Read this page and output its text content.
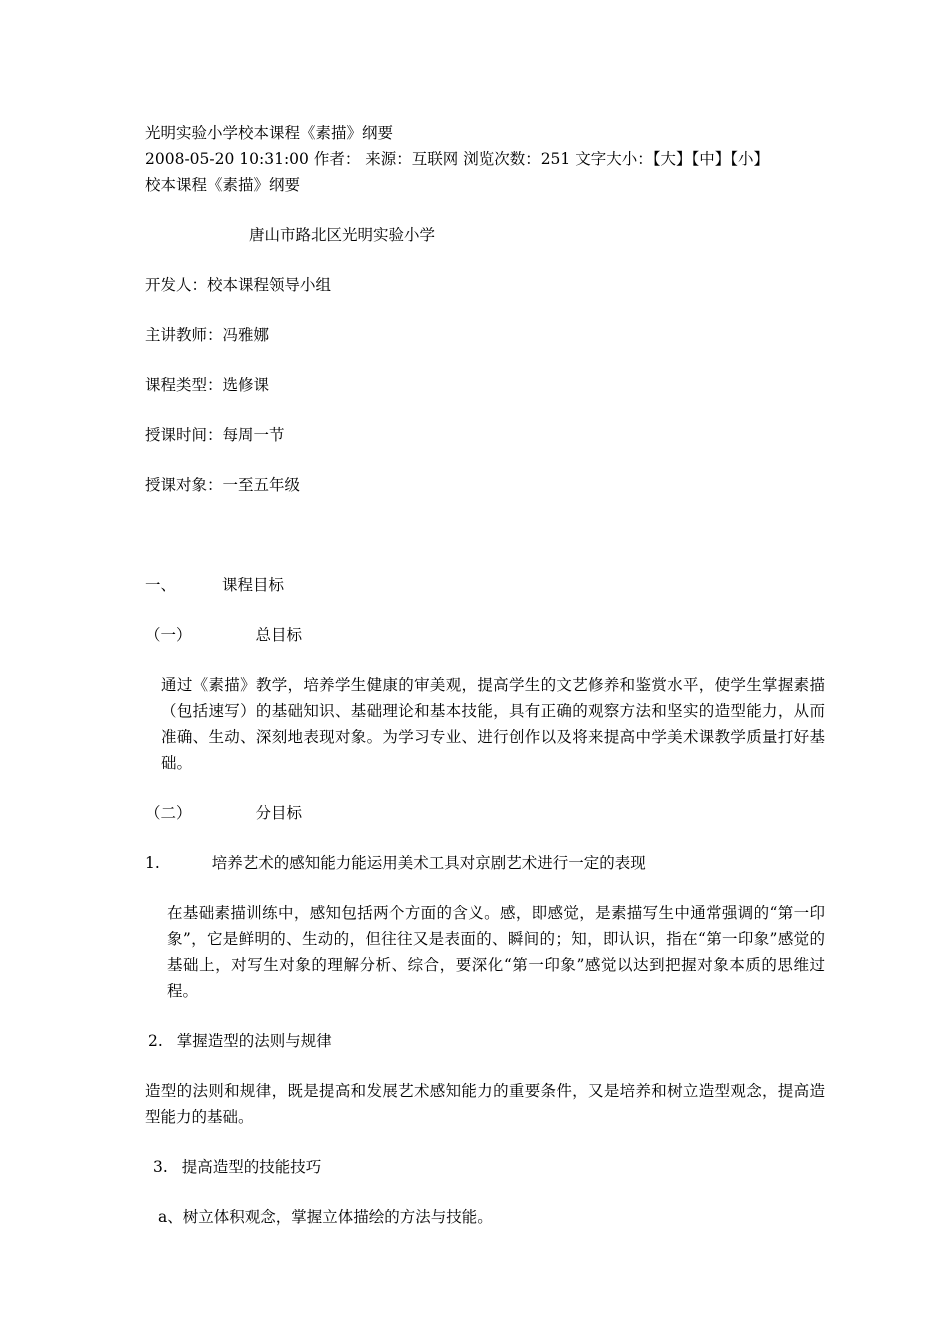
光明实验小学校本课程《素描》纲要
2008-05-20 10:31:00 作者： 来源：互联网 浏览次数：251 文字大小：【大】【中】【小】
校本课程《素描》纲要
唐山市路北区光明实验小学
开发人：校本课程领导小组
主讲教师：冯雅娜
课程类型：选修课
授课时间：每周一节
授课对象：一至五年级
一、	课程目标
（一）	总目标
通过《素描》教学，培养学生健康的审美观，提高学生的文艺修养和鉴赏水平，使学生掌握素描（包括速写）的基础知识、基础理论和基本技能，具有正确的观察方法和坚实的造型能力，从而准确、生动、深刻地表现对象。为学习专业、进行创作以及将来提高中学美术课教学质量打好基础。
（二）	分目标
1.	培养艺术的感知能力能运用美术工具对京剧艺术进行一定的表现
在基础素描训练中，感知包括两个方面的含义。感，即感觉，是素描写生中通常强调的“第一印象”，它是鲜明的、生动的，但往往又是表面的、瞬间的；知，即认识，指在“第一印象”感觉的基础上，对写生对象的理解分析、综合，要深化“第一印象”感觉以达到把握对象本质的思维过程。
2. 掌握造型的法则与规律
造型的法则和规律，既是提高和发展艺术感知能力的重要条件，又是培养和树立造型观念，提高造型能力的基础。
3. 提高造型的技能技巧
a、树立体积观念，掌握立体描绘的方法与技能。
